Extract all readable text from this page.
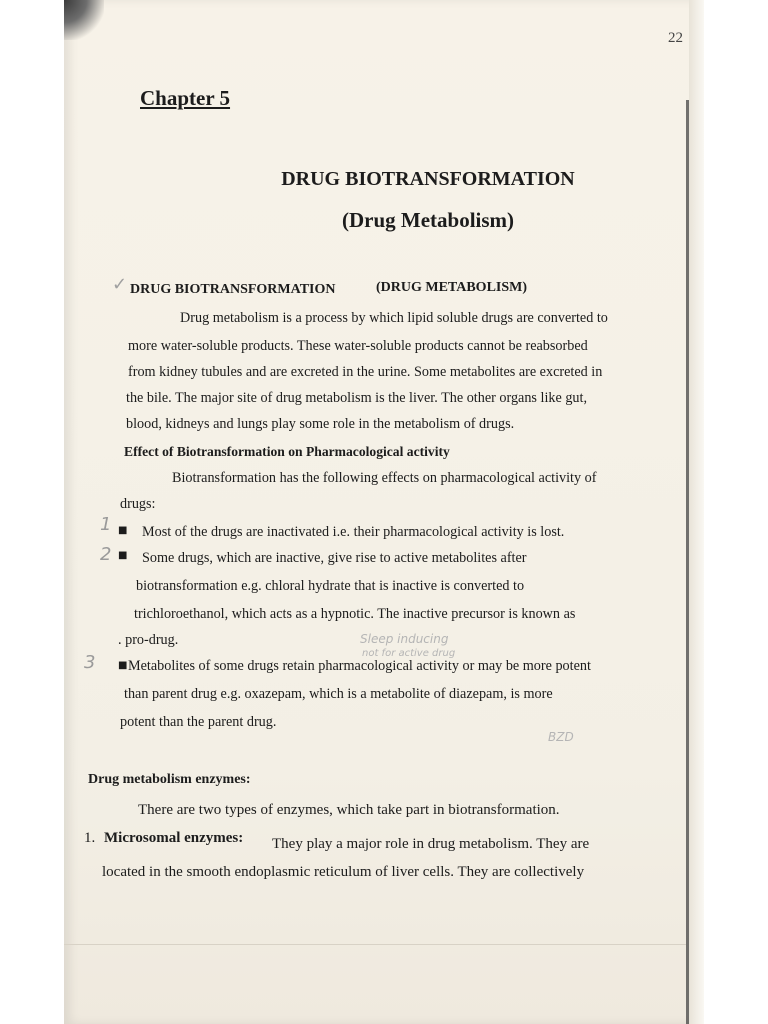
22
Chapter 5
DRUG BIOTRANSFORMATION
(Drug Metabolism)
✓ DRUG BIOTRANSFORMATION	(DRUG METABOLISM)
Drug metabolism is a process by which lipid soluble drugs are converted to
more water-soluble products. These water-soluble products cannot be reabsorbed
from kidney tubules and are excreted in the urine. Some metabolites are excreted in
the bile. The major site of drug metabolism is the liver. The other organs like gut,
blood, kidneys and lungs play some role in the metabolism of drugs.
Effect of Biotransformation on Pharmacological activity
Biotransformation has the following effects on pharmacological activity of
drugs:
1 ■ Most of the drugs are inactivated i.e. their pharmacological activity is lost.
2 ■ Some drugs, which are inactive, give rise to active metabolites after
biotransformation e.g. chloral hydrate that is inactive is converted to
trichloroethanol, which acts as a hypnotic. The inactive precursor is known as
. pro-drug.	Sleep inducing
not for active drug
3 ■ Metabolites of some drugs retain pharmacological activity or may be more potent
than parent drug e.g. oxazepam, which is a metabolite of diazepam, is more
potent than the parent drug.
BZD
Drug metabolism enzymes:
There are two types of enzymes, which take part in biotransformation.
1. Microsomal enzymes: They play a major role in drug metabolism. They are
located in the smooth endoplasmic reticulum of liver cells. They are collectively
